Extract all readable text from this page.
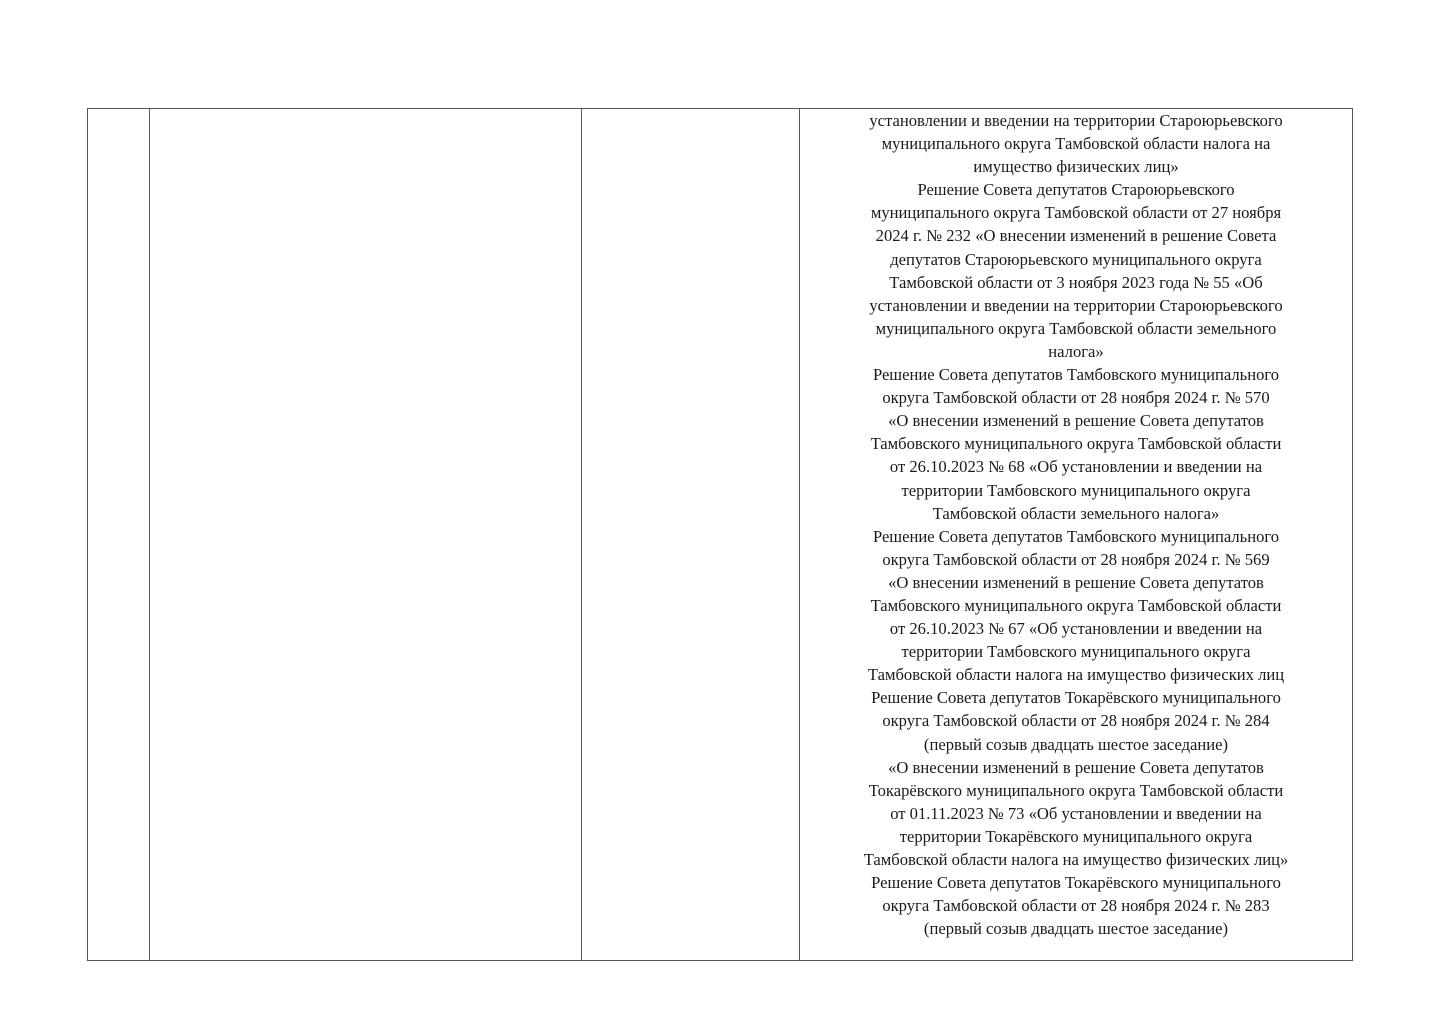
установлении и введении на территории Староюрьевского
муниципального округа Тамбовской области налога на
имущество физических лиц»
Решение Совета депутатов Староюрьевского
муниципального округа Тамбовской области от 27 ноября
2024 г. № 232 «О внесении изменений в решение Совета
депутатов Староюрьевского муниципального округа
Тамбовской области от 3 ноября 2023 года № 55 «Об
установлении и введении на территории Староюрьевского
муниципального округа Тамбовской области земельного
налога»
Решение Совета депутатов Тамбовского муниципального
округа Тамбовской области от 28 ноября 2024 г. № 570
«О внесении изменений в решение Совета депутатов
Тамбовского муниципального округа Тамбовской области
от 26.10.2023 № 68 «Об установлении и введении на
территории Тамбовского муниципального округа
Тамбовской области земельного налога»
Решение Совета депутатов Тамбовского муниципального
округа Тамбовской области от 28 ноября 2024 г. № 569
«О внесении изменений в решение Совета депутатов
Тамбовского муниципального округа Тамбовской области
от 26.10.2023 № 67 «Об установлении и введении на
территории Тамбовского муниципального округа
Тамбовской области налога на имущество физических лиц
Решение Совета депутатов Токарёвского муниципального
округа Тамбовской области от 28 ноября 2024 г. № 284
(первый созыв двадцать шестое заседание)
«О внесении изменений в решение Совета депутатов
Токарёвского муниципального округа Тамбовской области
от 01.11.2023 № 73 «Об установлении и введении на
территории Токарёвского муниципального округа
Тамбовской области налога на имущество физических лиц»
Решение Совета депутатов Токарёвского муниципального
округа Тамбовской области от 28 ноября 2024 г. № 283
(первый созыв двадцать шестое заседание)
